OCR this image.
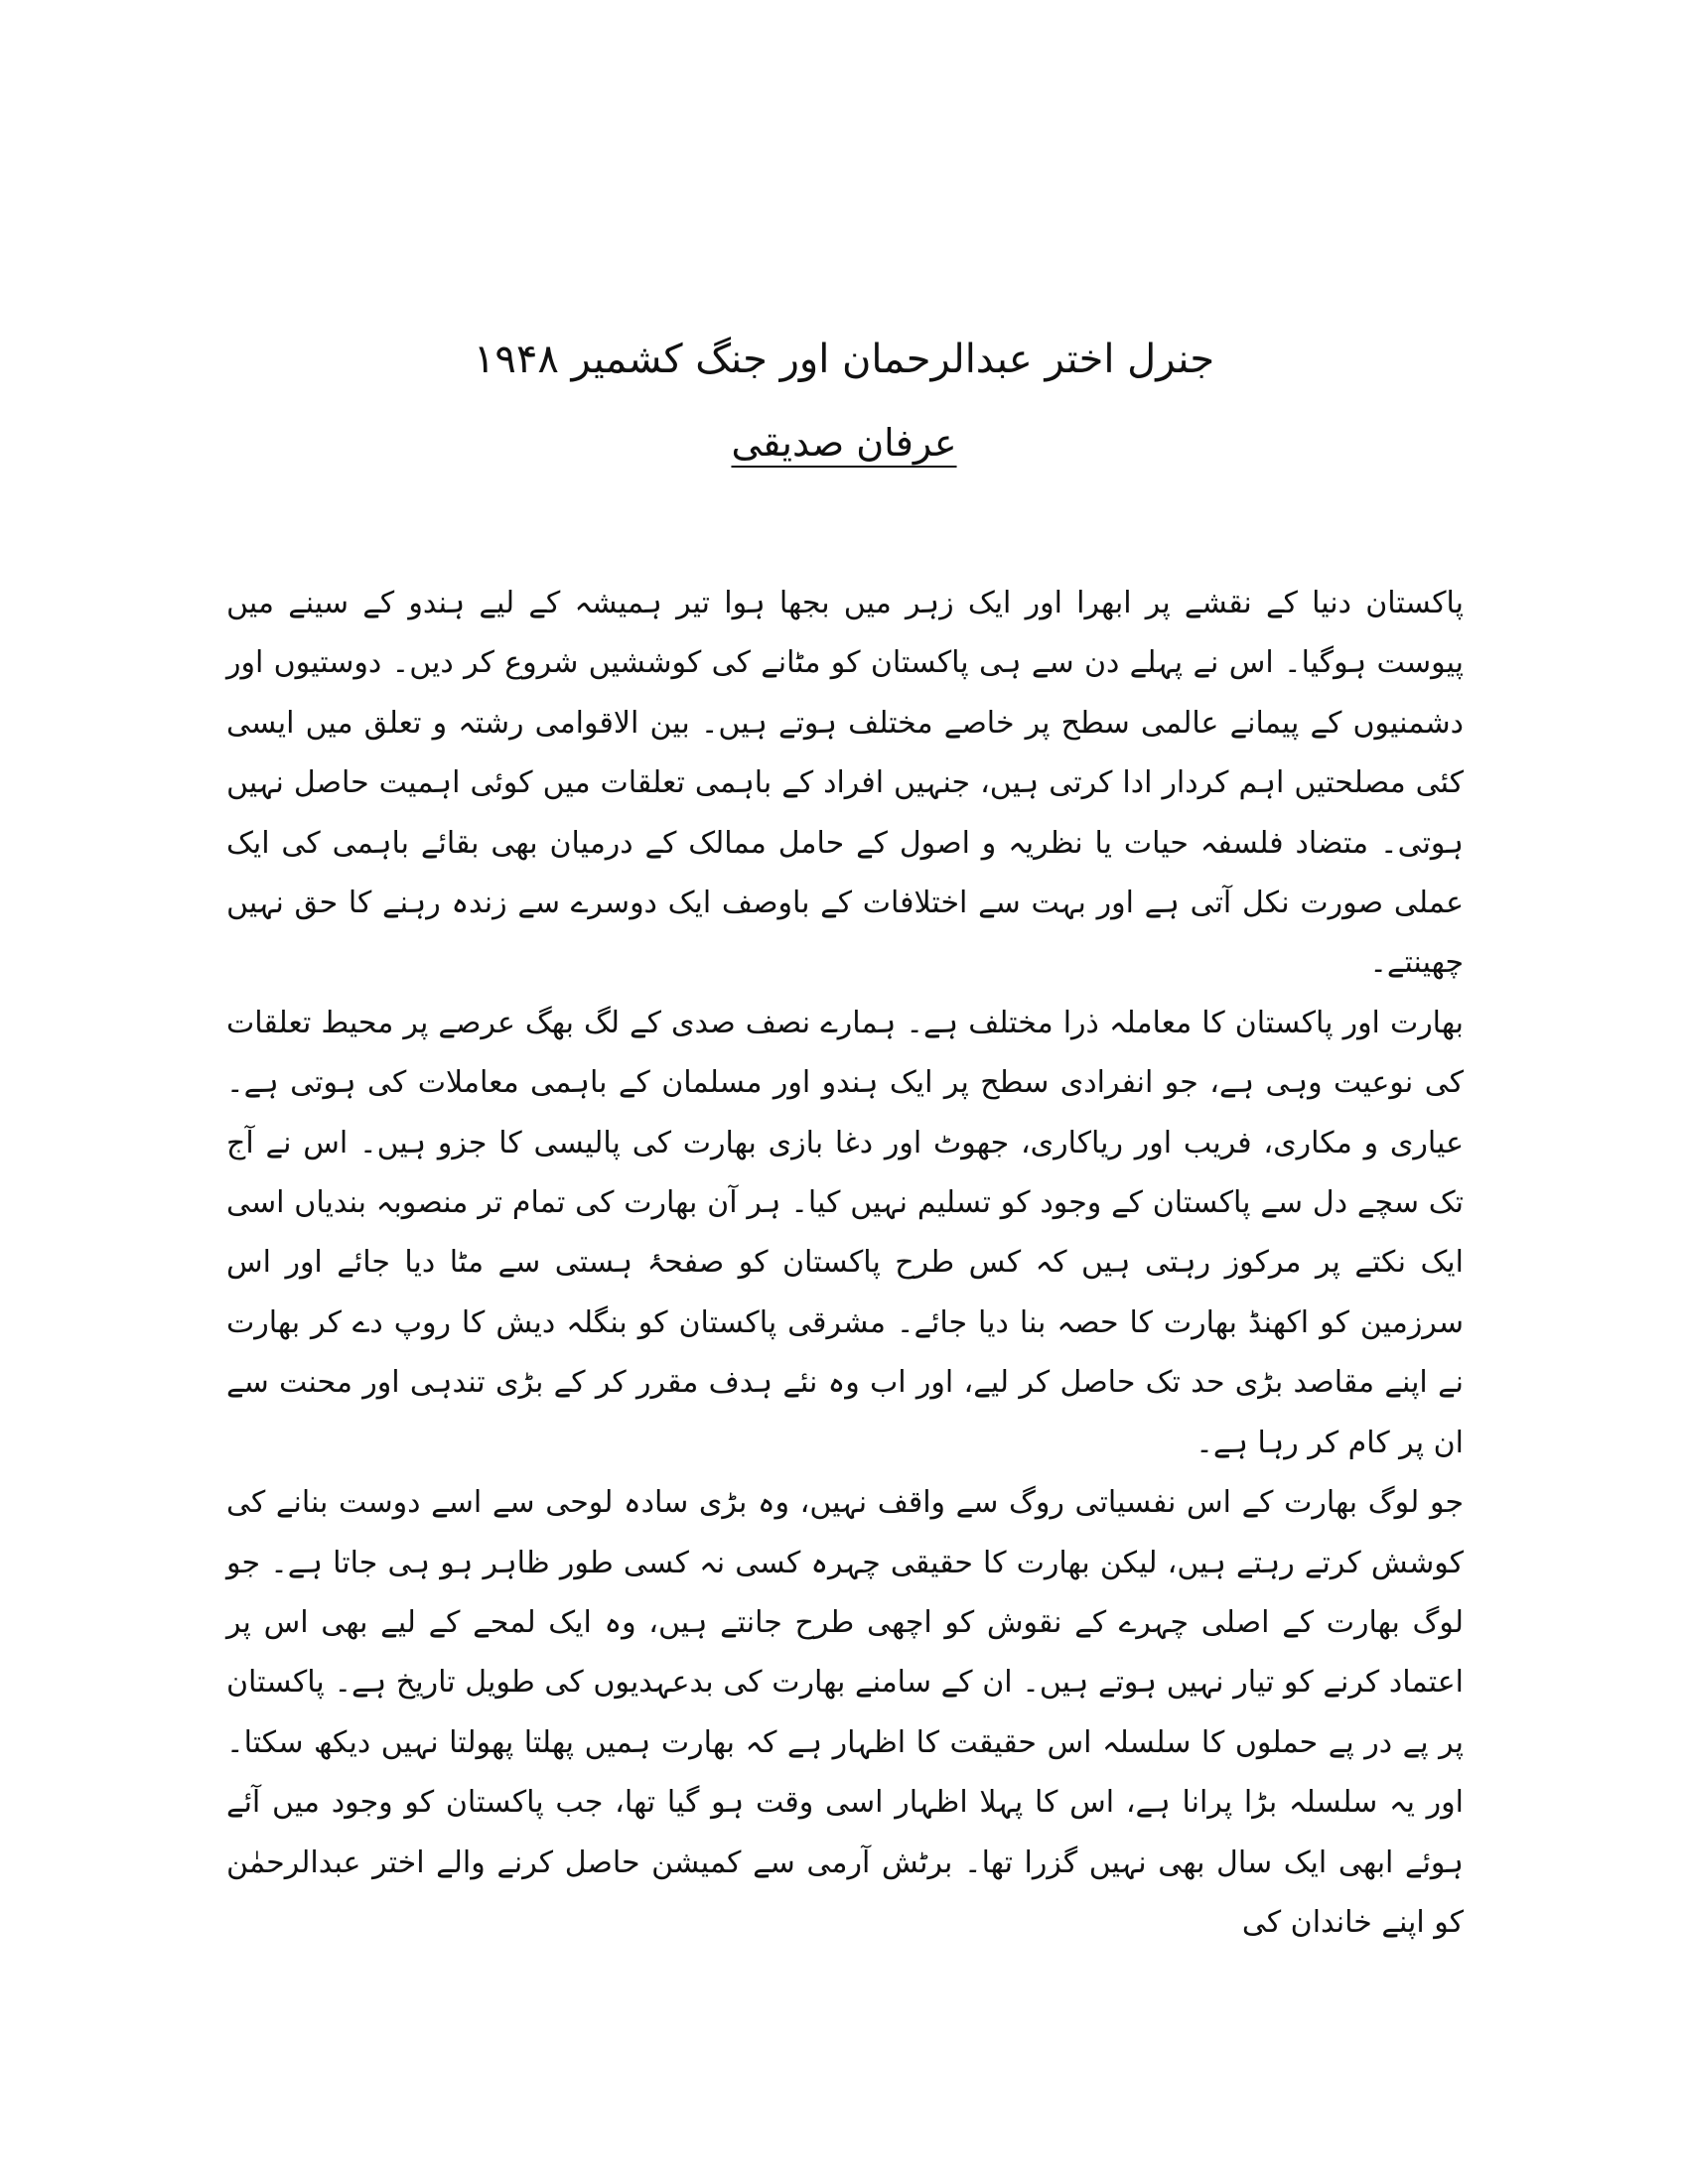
جنرل اختر عبدالرحمان اور جنگ کشمیر ۱۹۴۸
عرفان صدیقی

پاکستان دنیا کے نقشے پر ابھرا اور ایک زہر میں بجھا ہوا تیر ہمیشہ کے لیے ہندو کے سینے میں پیوست ہوگیا۔ اس نے پہلے دن سے ہی پاکستان کو مٹانے کی کوششیں شروع کر دیں۔ دوستیوں اور دشمنیوں کے پیمانے عالمی سطح پر خاصے مختلف ہوتے ہیں۔ بین الاقوامی رشتہ و تعلق میں ایسی کئی مصلحتیں اہم کردار ادا کرتی ہیں، جنہیں افراد کے باہمی تعلقات میں کوئی اہمیت حاصل نہیں ہوتی۔ متضاد فلسفہ حیات یا نظریہ و اصول کے حامل ممالک کے درمیان بھی بقائے باہمی کی ایک عملی صورت نکل آتی ہے اور بہت سے اختلافات کے باوصف ایک دوسرے سے زندہ رہنے کا حق نہیں چھینتے۔

بھارت اور پاکستان کا معاملہ ذرا مختلف ہے۔ ہمارے نصف صدی کے لگ بھگ عرصے پر محیط تعلقات کی نوعیت وہی ہے، جو انفرادی سطح پر ایک ہندو اور مسلمان کے باہمی معاملات کی ہوتی ہے۔ عیاری و مکاری، فریب اور ریاکاری، جھوٹ اور دغا بازی بھارت کی پالیسی کا جزو ہیں۔ اس نے آج تک سچے دل سے پاکستان کے وجود کو تسلیم نہیں کیا۔ ہر آن بھارت کی تمام تر منصوبہ بندیاں اسی ایک نکتے پر مرکوز رہتی ہیں کہ کس طرح پاکستان کو صفحۂ ہستی سے مٹا دیا جائے اور اس سرزمین کو اکھنڈ بھارت کا حصہ بنا دیا جائے۔ مشرقی پاکستان کو بنگلہ دیش کا روپ دے کر بھارت نے اپنے مقاصد بڑی حد تک حاصل کر لیے، اور اب وہ نئے ہدف مقرر کر کے بڑی تندہی اور محنت سے ان پر کام کر رہا ہے۔

جو لوگ بھارت کے اس نفسیاتی روگ سے واقف نہیں، وہ بڑی سادہ لوحی سے اسے دوست بنانے کی کوشش کرتے رہتے ہیں، لیکن بھارت کا حقیقی چہرہ کسی نہ کسی طور ظاہر ہو ہی جاتا ہے۔ جو لوگ بھارت کے اصلی چہرے کے نقوش کو اچھی طرح جانتے ہیں، وہ ایک لمحے کے لیے بھی اس پر اعتماد کرنے کو تیار نہیں ہوتے ہیں۔ ان کے سامنے بھارت کی بدعہدیوں کی طویل تاریخ ہے۔ پاکستان پر پے در پے حملوں کا سلسلہ اس حقیقت کا اظہار ہے کہ بھارت ہمیں پھلتا پھولتا نہیں دیکھ سکتا۔ اور یہ سلسلہ بڑا پرانا ہے، اس کا پہلا اظہار اسی وقت ہو گیا تھا، جب پاکستان کو وجود میں آئے ہوئے ابھی ایک سال بھی نہیں گزرا تھا۔ برٹش آرمی سے کمیشن حاصل کرنے والے اختر عبدالرحمٰن کو اپنے خاندان کی
